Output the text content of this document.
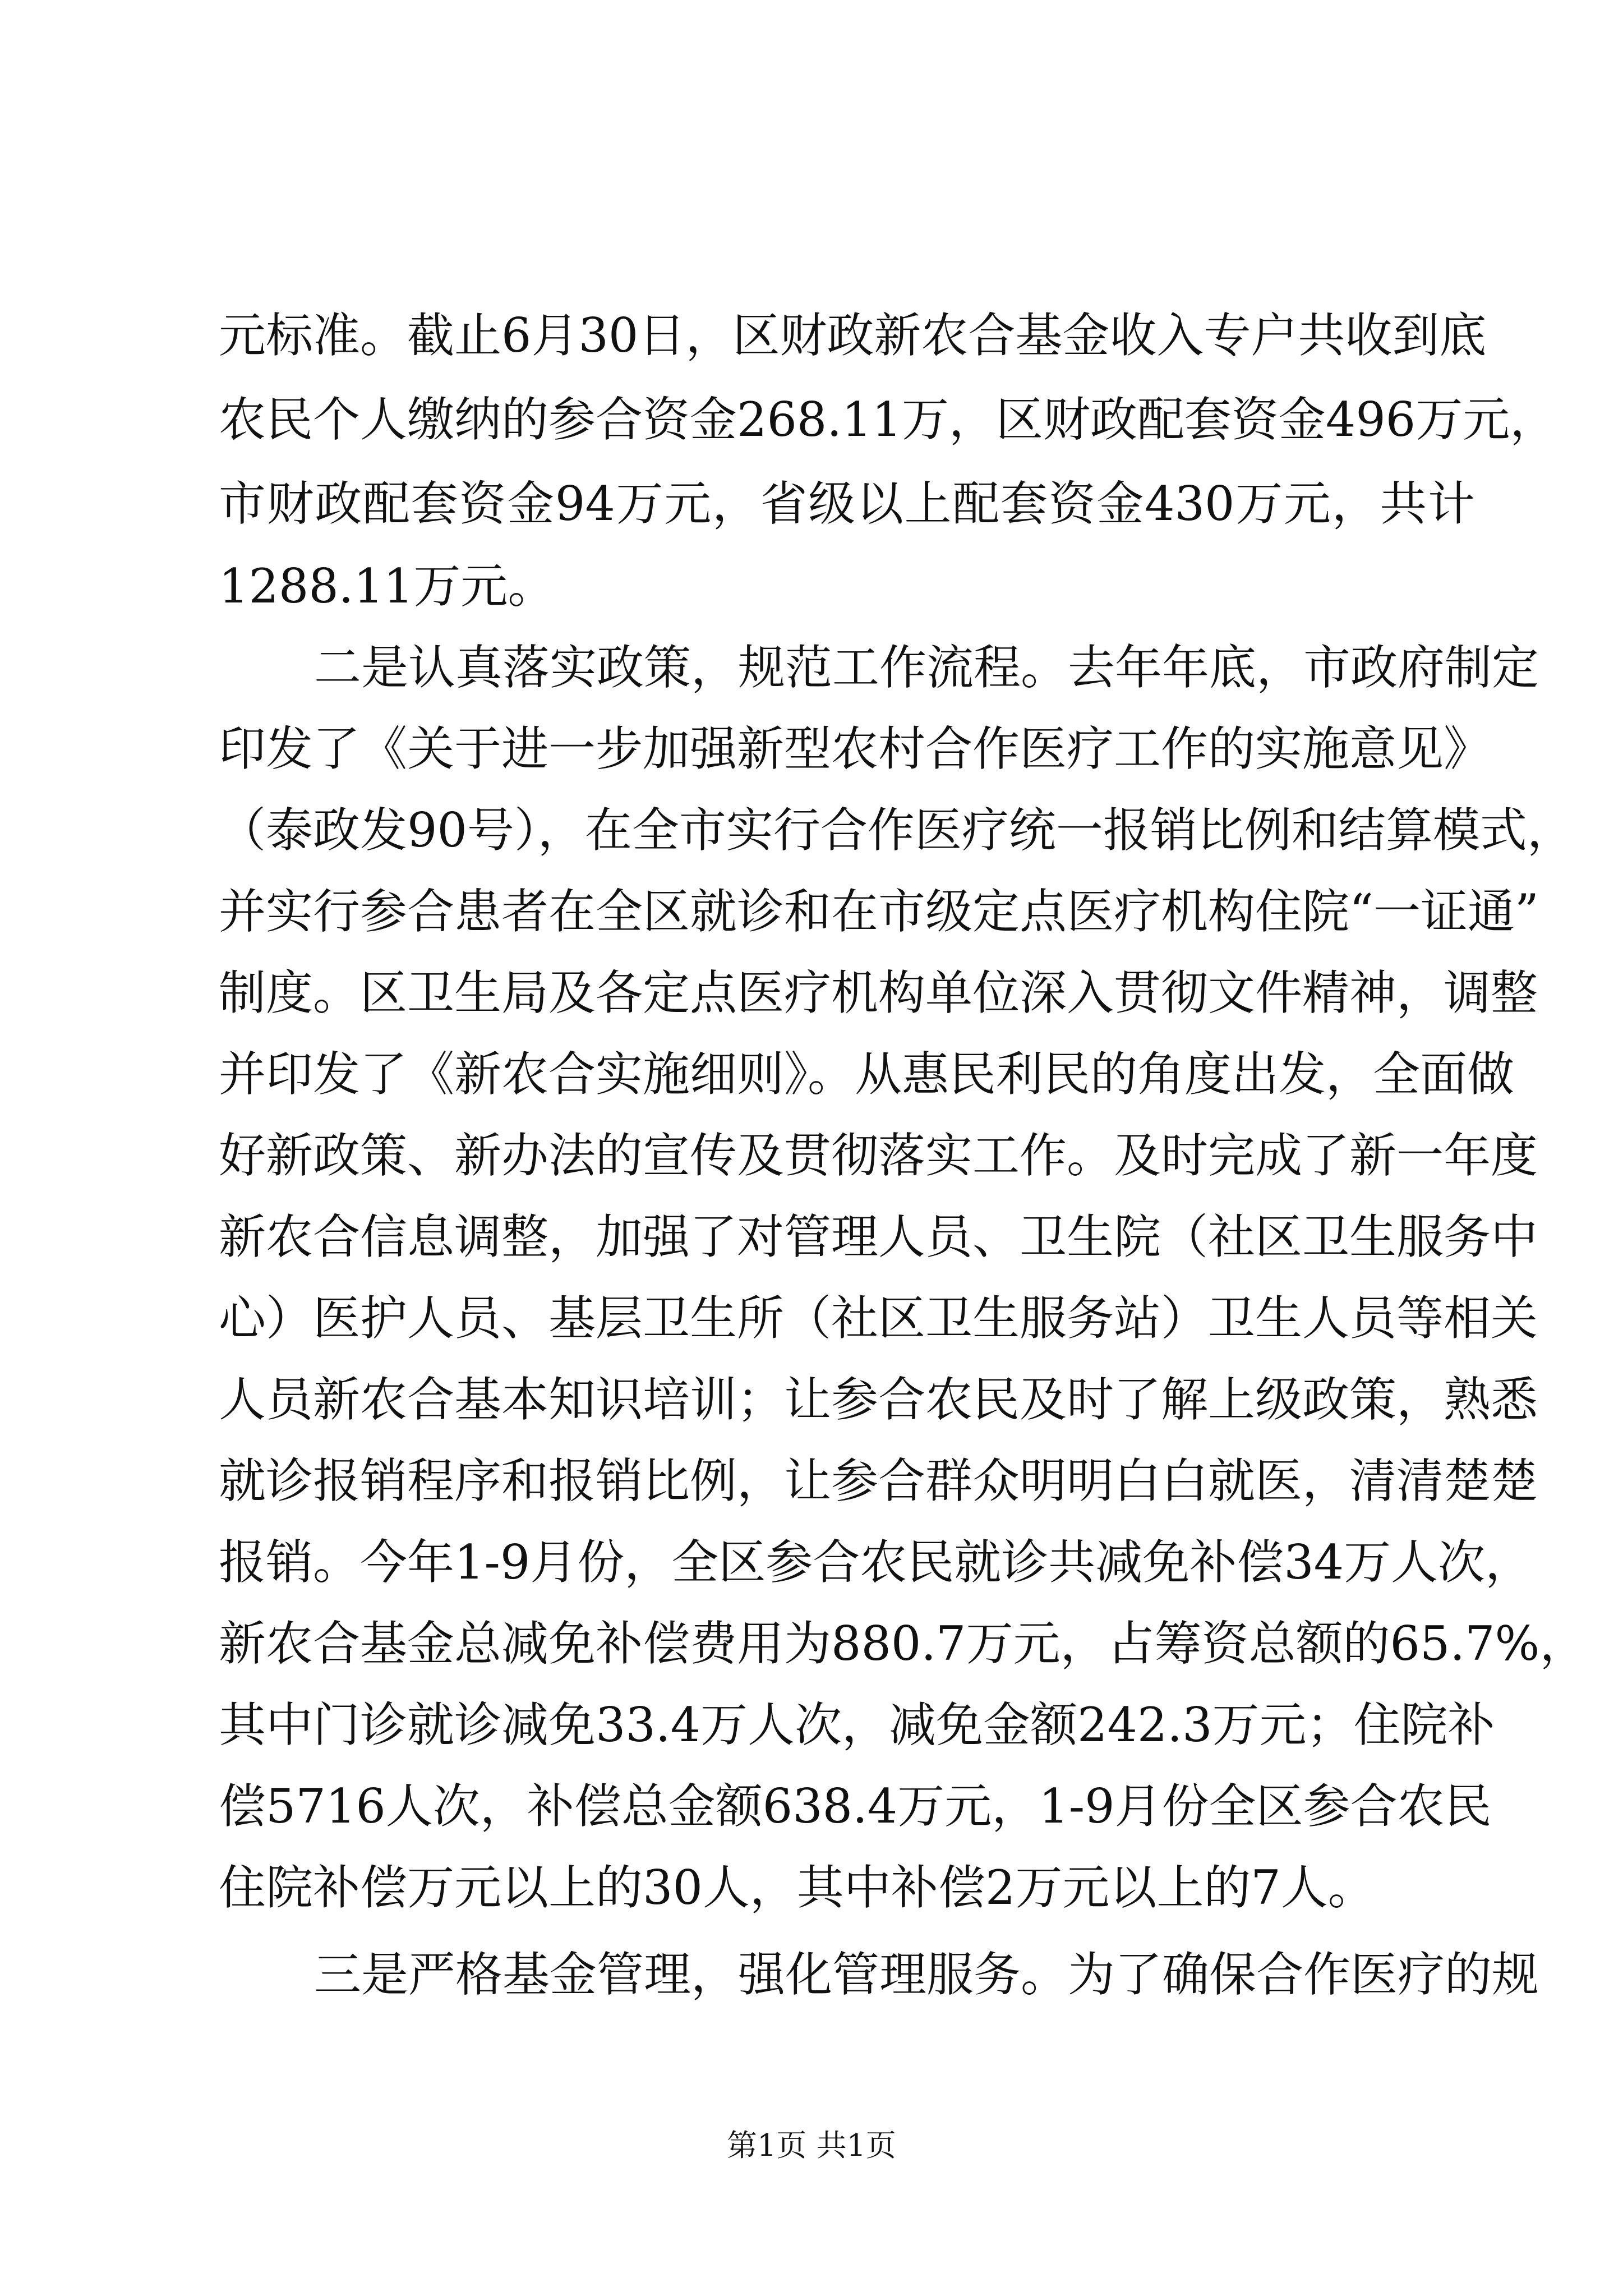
元标准。截止6月30日，区财政新农合基金收入专户共收到底
农民个人缴纳的参合资金268.11万，区财政配套资金496万元，
市财政配套资金94万元，省级以上配套资金430万元，共计
1288.11万元。
二是认真落实政策，规范工作流程。去年年底，市政府制定
印发了《关于进一步加强新型农村合作医疗工作的实施意见》
（泰政发90号），在全市实行合作医疗统一报销比例和结算模式，
并实行参合患者在全区就诊和在市级定点医疗机构住院“一证通”
制度。区卫生局及各定点医疗机构单位深入贯彻文件精神，调整
并印发了《新农合实施细则》。从惠民利民的角度出发，全面做
好新政策、新办法的宣传及贯彻落实工作。及时完成了新一年度
新农合信息调整，加强了对管理人员、卫生院（社区卫生服务中
心）医护人员、基层卫生所（社区卫生服务站）卫生人员等相关
人员新农合基本知识培训；让参合农民及时了解上级政策，熟悉
就诊报销程序和报销比例，让参合群众明明白白就医，清清楚楚
报销。今年1-9月份，全区参合农民就诊共减免补偿34万人次，
新农合基金总减免补偿费用为880.7万元，占筹资总额的65.7%，
其中门诊就诊减免33.4万人次，减免金额242.3万元；住院补
偿5716人次，补偿总金额638.4万元，1-9月份全区参合农民
住院补偿万元以上的30人，其中补偿2万元以上的7人。
三是严格基金管理，强化管理服务。为了确保合作医疗的规
第1页 共1页
